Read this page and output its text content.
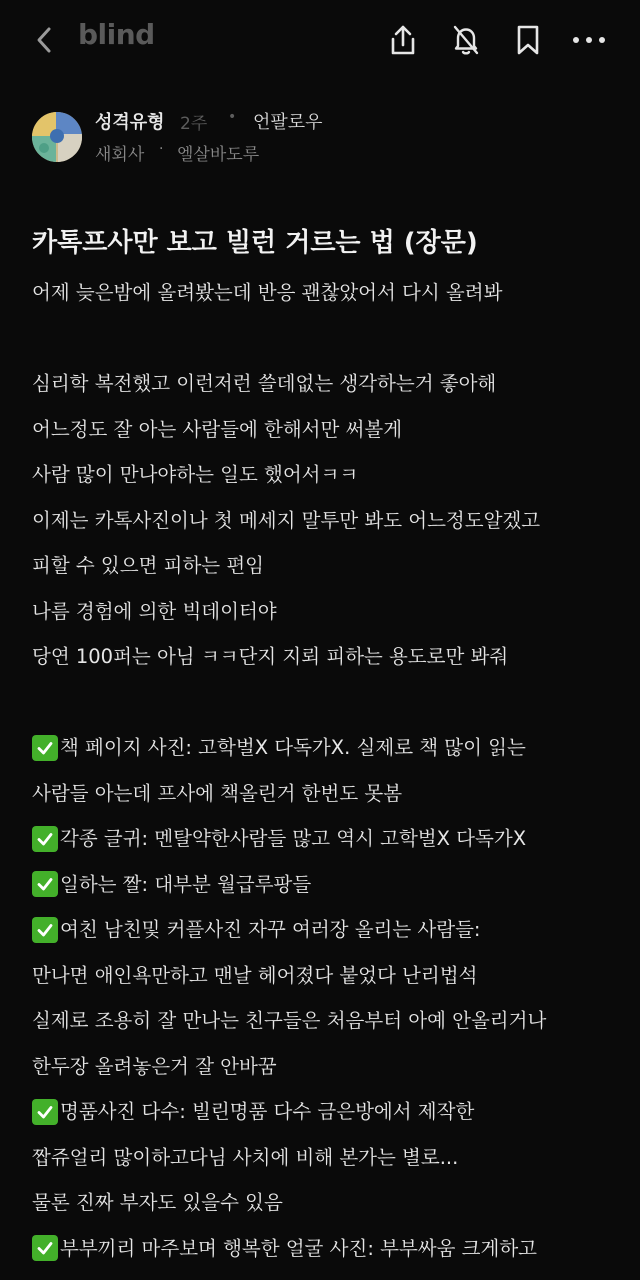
blind
성격유형 2주 • 언팔로우
새회사 · 엘살바도루
카톡프사만 보고 빌런 거르는 법 (장문)
어제 늦은밤에 올려봤는데 반응 괜찮았어서 다시 올려봐
심리학 복전했고 이런저런 쓸데없는 생각하는거 좋아해
어느정도 잘 아는 사람들에 한해서만 써볼게
사람 많이 만나야하는 일도 했어서ㅋㅋ
이제는 카톡사진이나 첫 메세지 말투만 봐도 어느정도알겠고
피할 수 있으면 피하는 편임
나름 경험에 의한 빅데이터야
당연 100퍼는 아님 ㅋㅋ단지 지뢰 피하는 용도로만 봐줘
책 페이지 사진: 고학벌X 다독가X. 실제로 책 많이 읽는
사람들 아는데 프사에 책올린거 한번도 못봄
각종 글귀: 멘탈약한사람들 많고 역시 고학벌X 다독가X
일하는 짤: 대부분 월급루팡들
여친 남친및 커플사진 자꾸 여러장 올리는 사람들:
만나면 애인욕만하고 맨날 헤어졌다 붙었다 난리법석
실제로 조용히 잘 만나는 친구들은 처음부터 아예 안올리거나
한두장 올려놓은거 잘 안바꿈
명품사진 다수: 빌린명품 다수 금은방에서 제작한
짭쥬얼리 많이하고다님 사치에 비해 본가는 별로...
물론 진짜 부자도 있을수 있음
부부끼리 마주보며 행복한 얼굴 사진: 부부싸움 크게하고
